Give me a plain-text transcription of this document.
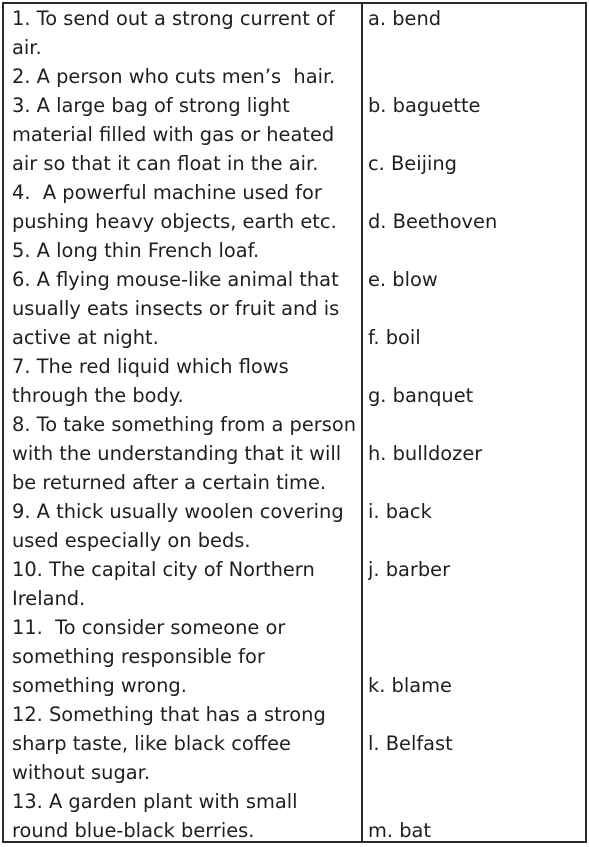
1. To send out a strong current of
air.
2. A person who cuts men’s  hair.
3. A large bag of strong light
material filled with gas or heated
air so that it can float in the air.
4.  A powerful machine used for
pushing heavy objects, earth etc.
5. A long thin French loaf.
6. A flying mouse-like animal that
usually eats insects or fruit and is
active at night.
7. The red liquid which flows
through the body.
8. To take something from a person
with the understanding that it will
be returned after a certain time.
9. A thick usually woolen covering
used especially on beds.
10. The capital city of Northern
Ireland.
11.  To consider someone or
something responsible for
something wrong.
12. Something that has a strong
sharp taste, like black coffee
without sugar.
13. A garden plant with small
round blue-black berries.
a. bend
b. baguette
c. Beijing
d. Beethoven
e. blow
f. boil
g. banquet
h. bulldozer
i. back
j. barber
k. blame
l. Belfast
m. bat
